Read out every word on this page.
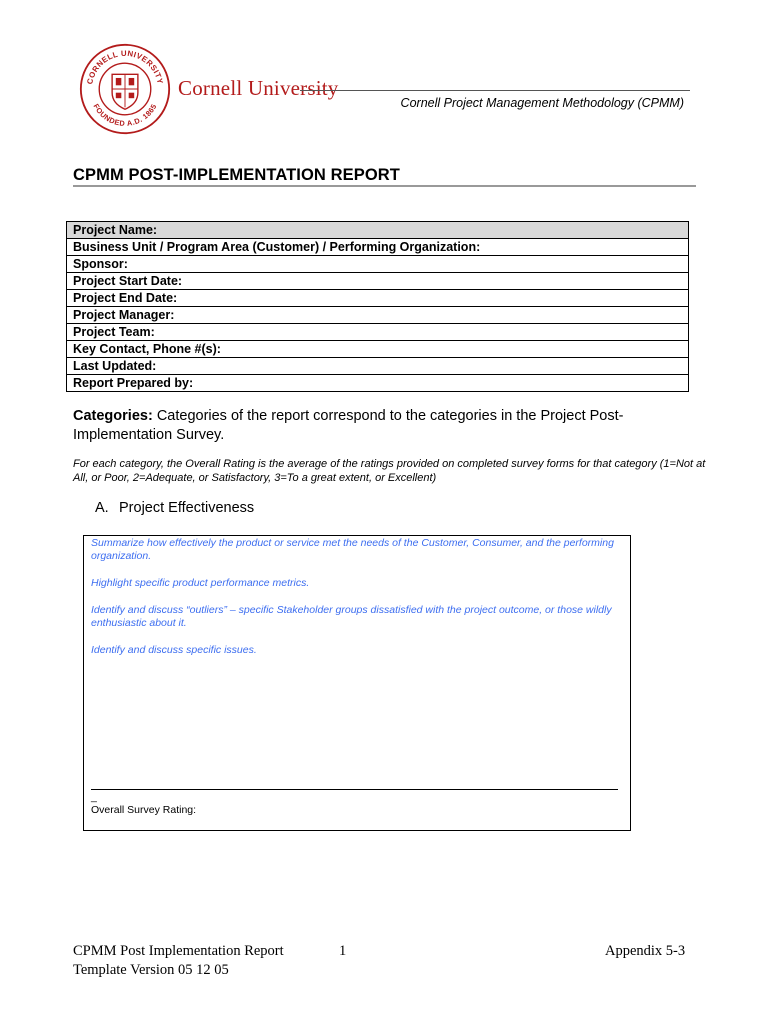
CORNELL UNIVERSITY
FOUNDED A.D. 1865
Cornell University
Cornell Project Management Methodology (CPMM)
CPMM POST-IMPLEMENTATION REPORT
Project Name:
Business Unit / Program Area (Customer) / Performing Organization:
Sponsor:
Project Start Date:
Project End Date:
Project Manager:
Project Team:
Key Contact, Phone #(s):
Last Updated:
Report Prepared by:
Categories: Categories of the report correspond to the categories in the Project Post-Implementation Survey.
For each category, the Overall Rating is the average of the ratings provided on completed survey forms for that category (1=Not at All, or Poor, 2=Adequate, or Satisfactory, 3=To a great extent, or Excellent)
A. Project Effectiveness
Summarize how effectively the product or service met the needs of the Customer, Consumer, and the performing organization.
Highlight specific product performance metrics.
Identify and discuss “outliers” – specific Stakeholder groups dissatisfied with the project outcome, or those wildly enthusiastic about it.
Identify and discuss specific issues.
_
Overall Survey Rating:
CPMM Post Implementation Report
Template Version 05 12 05
1	Appendix 5-3
